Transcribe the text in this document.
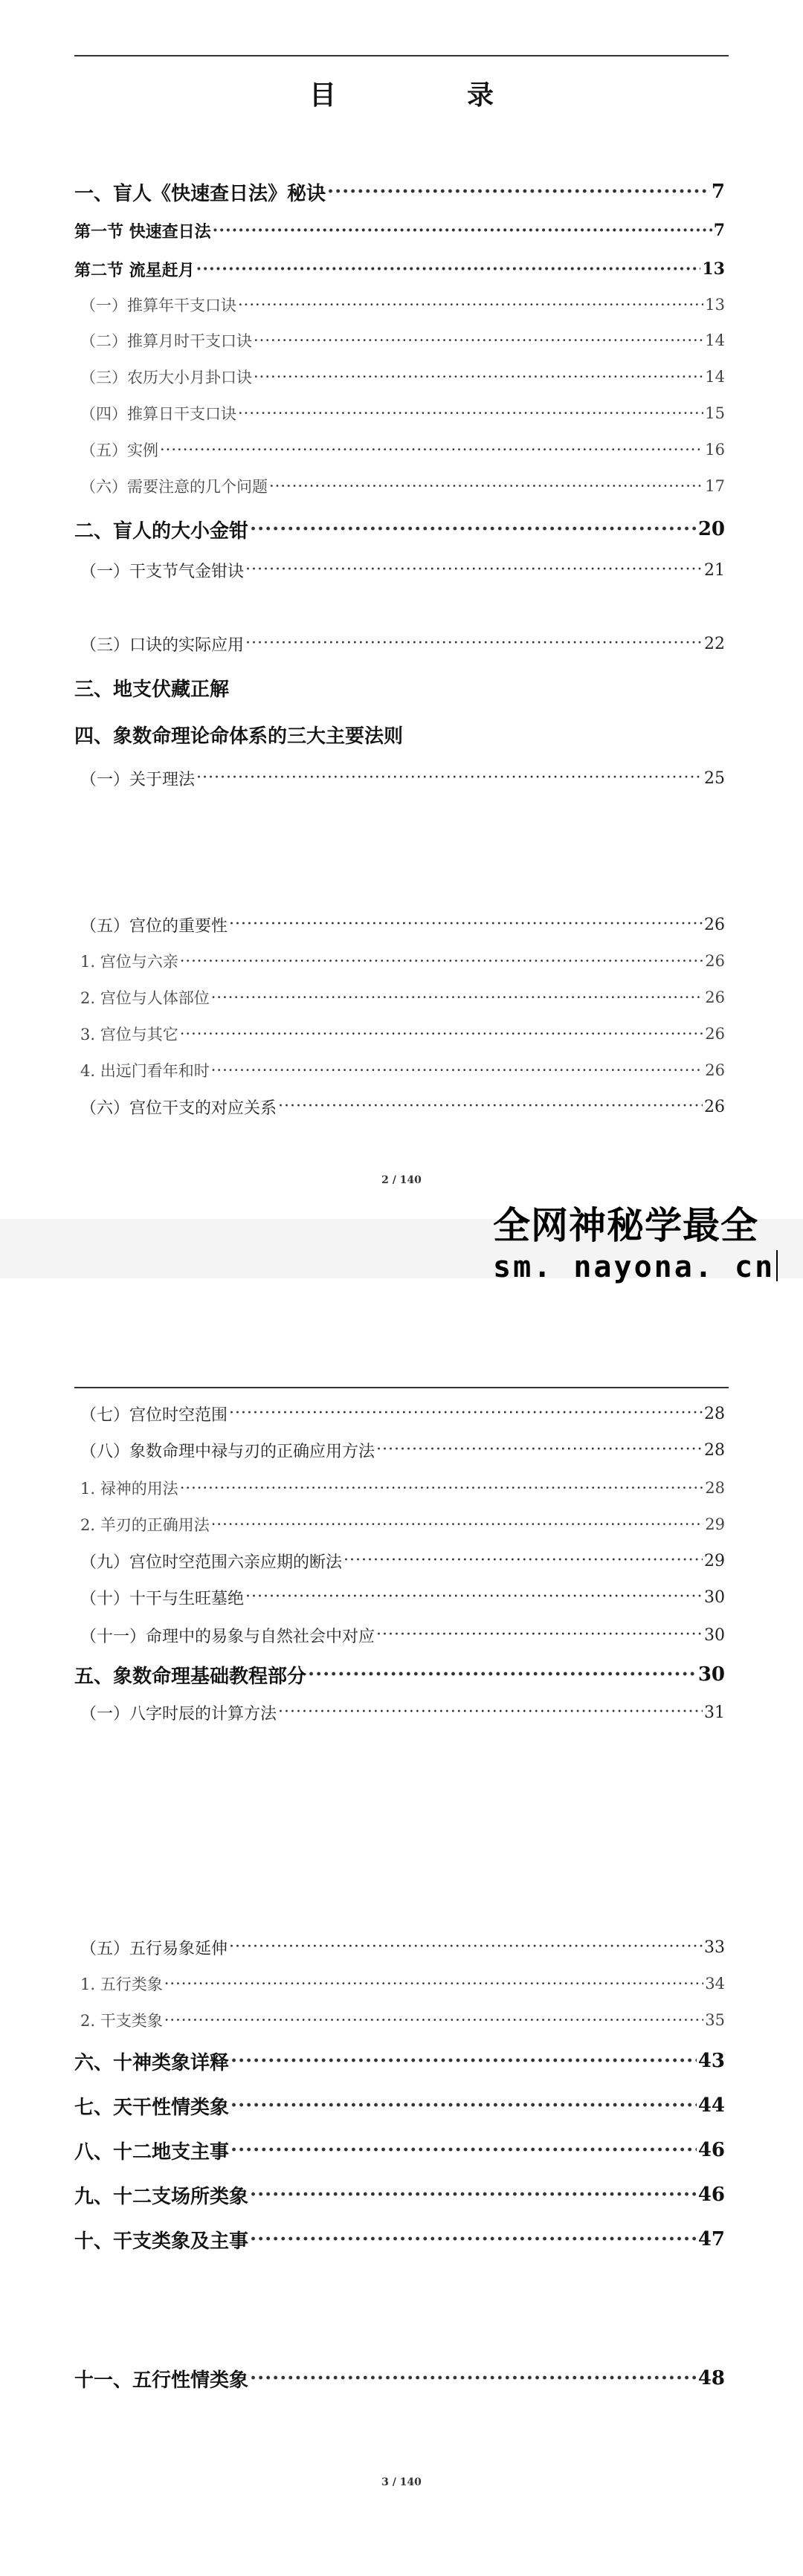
目　录
一、盲人《快速查日法》秘诀 ·····	7
第一节 快速查日法 ·····	7
第二节 流星赶月 ·····	13
（一）推算年干支口诀 ·····	13
（二）推算月时干支口诀 ·····	14
（三）农历大小月卦口诀 ·····	14
（四）推算日干支口诀 ·····	15
（五）实例 ·····	16
（六）需要注意的几个问题 ·····	17
二、盲人的大小金钳 ·····	20
（一）干支节气金钳诀 ·····	21
（三）口诀的实际应用 ·····	22
三、地支伏藏正解
四、象数命理论命体系的三大主要法则
（一）关于理法 ·····	25
（五）宫位的重要性 ·····	26
1. 宫位与六亲 ·····	26
2. 宫位与人体部位 ·····	26
3. 宫位与其它 ·····	26
4. 出远门看年和时 ·····	26
（六）宫位干支的对应关系 ·····	26
2 / 140
全网神秘学最全
sm. nayona. cn
（七）宫位时空范围 ·····	28
（八）象数命理中禄与刃的正确应用方法 ·····	28
1. 禄神的用法 ·····	28
2. 羊刃的正确用法 ·····	29
（九）宫位时空范围六亲应期的断法 ·····	29
（十）十干与生旺墓绝 ·····	30
（十一）命理中的易象与自然社会中对应 ·····	30
五、象数命理基础教程部分 ·····	30
（一）八字时辰的计算方法 ·····	31
（五）五行易象延伸 ·····	33
1. 五行类象 ·····	34
2. 干支类象 ·····	35
六、十神类象详释 ·····	43
七、天干性情类象 ·····	44
八、十二地支主事 ·····	46
九、十二支场所类象 ·····	46
十、干支类象及主事 ·····	47
十一、五行性情类象 ·····	48
3 / 140
